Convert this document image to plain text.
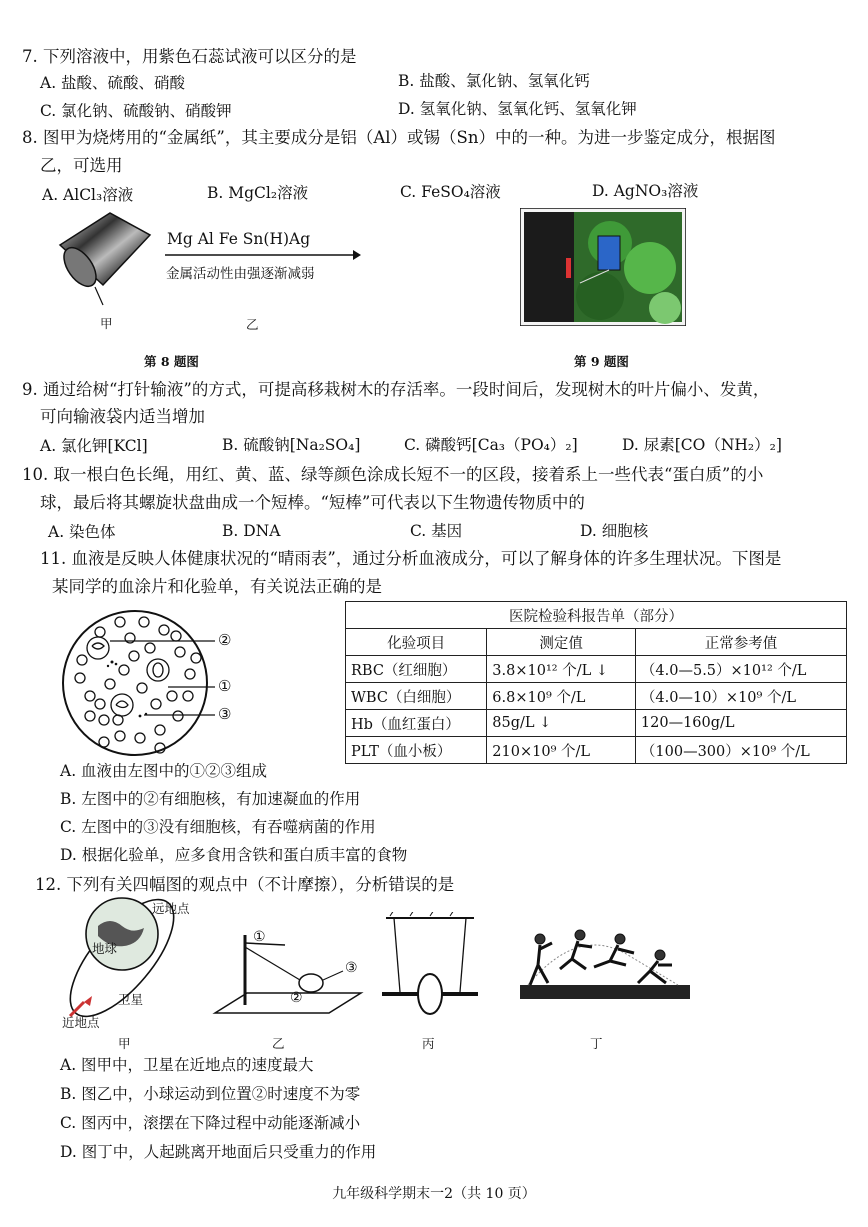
7. 下列溶液中，用紫色石蕊试液可以区分的是
A. 盐酸、硫酸、硝酸	B. 盐酸、氯化钠、氢氧化钙
C. 氯化钠、硫酸钠、硝酸钾	D. 氢氧化钠、氢氧化钙、氢氧化钾
8. 图甲为烧烤用的“金属纸”，其主要成分是铝（Al）或锡（Sn）中的一种。为进一步鉴定成分，根据图
乙，可选用
A. AlCl₃溶液	B. MgCl₂溶液	C. FeSO₄溶液	D. AgNO₃溶液
甲
Mg Al Fe Sn(H)Ag
金属活动性由强逐渐减弱
乙
第 8 题图	第 9 题图
9. 通过给树“打针输液”的方式，可提高移栽树木的存活率。一段时间后，发现树木的叶片偏小、发黄，
可向输液袋内适当增加
A. 氯化钾[KCl]	B. 硫酸钠[Na₂SO₄]	C. 磷酸钙[Ca₃（PO₄）₂]	D. 尿素[CO（NH₂）₂]
10. 取一根白色长绳，用红、黄、蓝、绿等颜色涂成长短不一的区段，接着系上一些代表“蛋白质”的小
球，最后将其螺旋状盘曲成一个短棒。“短棒”可代表以下生物遗传物质中的
A. 染色体	B. DNA	C. 基因	D. 细胞核
11. 血液是反映人体健康状况的“晴雨表”，通过分析血液成分，可以了解身体的许多生理状况。下图是
某同学的血涂片和化验单，有关说法正确的是
②
①
③
医院检验科报告单（部分）		
化验项目	测定值	正常参考值
RBC（红细胞）	3.8×10¹² 个/L ↓	（4.0—5.5）×10¹² 个/L
WBC（白细胞）	6.8×10⁹ 个/L	（4.0—10）×10⁹ 个/L
Hb（血红蛋白）	85g/L ↓	120—160g/L
PLT（血小板）	210×10⁹ 个/L	（100—300）×10⁹ 个/L
A. 血液由左图中的①②③组成
B. 左图中的②有细胞核，有加速凝血的作用
C. 左图中的③没有细胞核，有吞噬病菌的作用
D. 根据化验单，应多食用含铁和蛋白质丰富的食物
12. 下列有关四幅图的观点中（不计摩擦），分析错误的是
远地点
地球
卫星
近地点
甲
①
②
③
乙	丙	丁
A. 图甲中，卫星在近地点的速度最大
B. 图乙中，小球运动到位置②时速度不为零
C. 图丙中，滚摆在下降过程中动能逐渐减小
D. 图丁中，人起跳离开地面后只受重力的作用
九年级科学期末一2（共 10 页）
